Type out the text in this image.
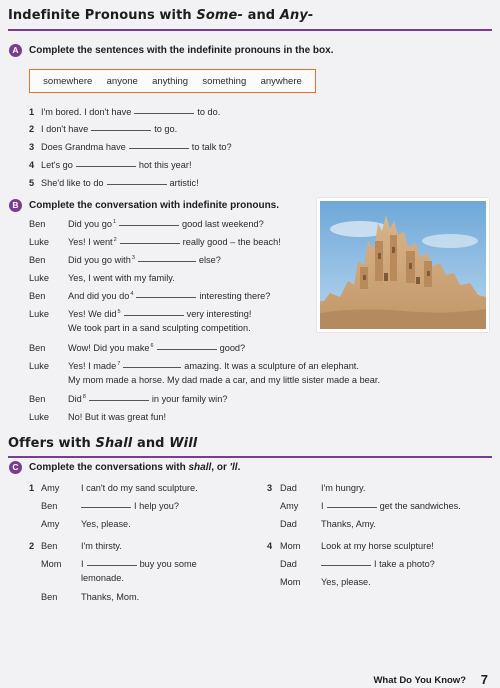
Indefinite Pronouns with Some- and Any-
A	Complete the sentences with the indefinite pronouns in the box.
somewhere anyone anything something anywhere
1 I'm bored. I don't have	to do.
2 I don't have	to go.
3 Does Grandma have	to talk to?
4 Let's go	hot this year!
5 She'd like to do	artistic!
B	Complete the conversation with indefinite pronouns.
Ben Did you $go^1$	good last weekend?
Luke Yes! I went$^2$	really good – the beach!
Ben Did you go with$^3$	else?
Luke Yes, I went with my family.
Ben And did you $do^4$	interesting there?
Luke Yes! We did$^5$	very interesting!
We took part in a sand sculpting competition.
Ben Wow! Did you make$^6$	good?
Luke Yes! I made$^7$	amazing. It was a sculpture of an elephant.
My mom made a horse. My dad made a car, and my little sister made a bear.
Ben Did$^8$	in your family win?
Luke No! But it was great fun!
Offers with Shall and Will
C	Complete the conversations with shall, or 'll.
1 Amy I can't do my sand sculpture.
Ben	I help you?
Amy Yes, please.
2 Ben	I'm thirsty.
Mom I	buy you some
lemonade.
Ben	Thanks, Mom.
3 Dad	I'm hungry.
Amy I	get the sandwiches.
Dad	Thanks, Amy.
4 Mom Look at my horse sculpture!
Dad	I take a photo?
Mom Yes, please.
What Do You Know? 7
